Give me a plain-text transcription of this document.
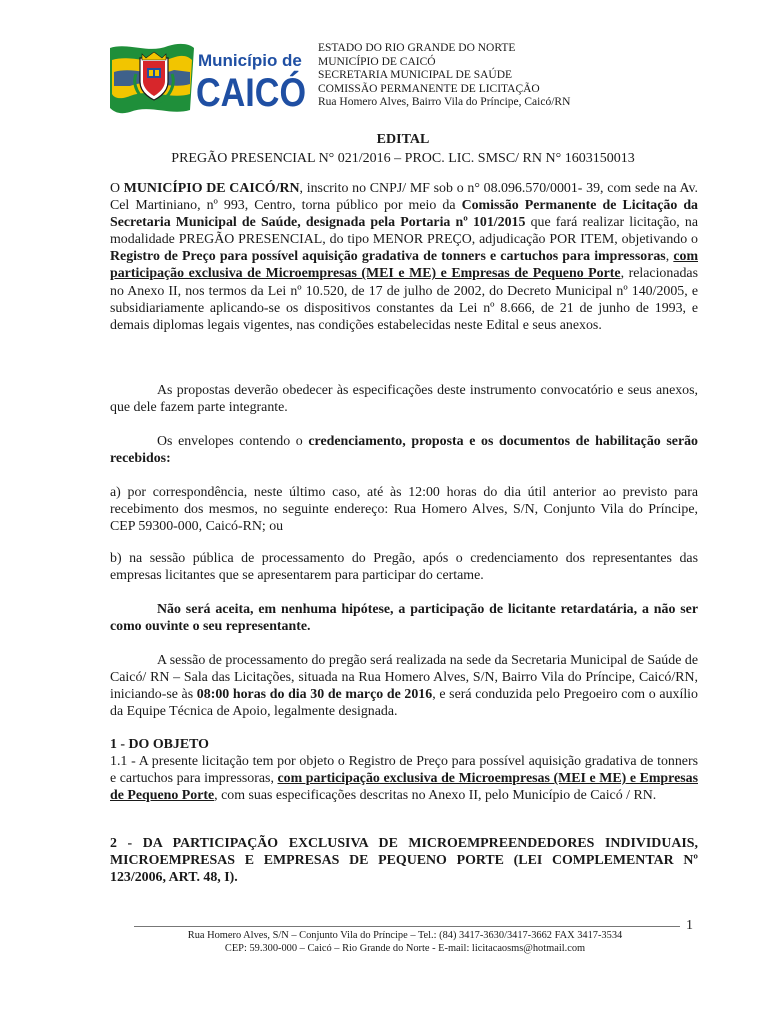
Município de
CAICÓ
ESTADO DO RIO GRANDE DO NORTE
MUNICÍPIO DE CAICÓ
SECRETARIA MUNICIPAL DE SAÚDE
COMISSÃO PERMANENTE DE LICITAÇÃO
Rua Homero Alves, Bairro Vila do Príncipe, Caicó/RN
EDITAL
PREGÃO PRESENCIAL N° 021/2016 – PROC. LIC. SMSC/ RN N° 1603150013
O MUNICÍPIO DE CAICÓ/RN, inscrito no CNPJ/ MF sob o n° 08.096.570/0001- 39, com sede na Av. Cel Martiniano, nº 993, Centro, torna público por meio da Comissão Permanente de Licitação da Secretaria Municipal de Saúde, designada pela Portaria nº 101/2015 que fará realizar licitação, na modalidade PREGÃO PRESENCIAL, do tipo MENOR PREÇO, adjudicação POR ITEM, objetivando o Registro de Preço para possível aquisição gradativa de tonners e cartuchos para impressoras, com participação exclusiva de Microempresas (MEI e ME) e Empresas de Pequeno Porte, relacionadas no Anexo II, nos termos da Lei nº 10.520, de 17 de julho de 2002, do Decreto Municipal nº 140/2005, e subsidiariamente aplicando-se os dispositivos constantes da Lei nº 8.666, de 21 de junho de 1993, e demais diplomas legais vigentes, nas condições estabelecidas neste Edital e seus anexos.
As propostas deverão obedecer às especificações deste instrumento convocatório e seus anexos, que dele fazem parte integrante.
Os envelopes contendo o credenciamento, proposta e os documentos de habilitação serão recebidos:
a) por correspondência, neste último caso, até às 12:00 horas do dia útil anterior ao previsto para recebimento dos mesmos, no seguinte endereço: Rua Homero Alves, S/N, Conjunto Vila do Príncipe, CEP 59300-000, Caicó-RN; ou
b) na sessão pública de processamento do Pregão, após o credenciamento dos representantes das empresas licitantes que se apresentarem para participar do certame.
Não será aceita, em nenhuma hipótese, a participação de licitante retardatária, a não ser como ouvinte o seu representante.
A sessão de processamento do pregão será realizada na sede da Secretaria Municipal de Saúde de Caicó/ RN – Sala das Licitações, situada na Rua Homero Alves, S/N, Bairro Vila do Príncipe, Caicó/RN, iniciando-se às 08:00 horas do dia 30 de março de 2016, e será conduzida pelo Pregoeiro com o auxílio da Equipe Técnica de Apoio, legalmente designada.
1 - DO OBJETO
1.1 - A presente licitação tem por objeto o Registro de Preço para possível aquisição gradativa de tonners e cartuchos para impressoras, com participação exclusiva de Microempresas (MEI e ME) e Empresas de Pequeno Porte, com suas especificações descritas no Anexo II, pelo Município de Caicó / RN.
2 - DA PARTICIPAÇÃO EXCLUSIVA DE MICROEMPREENDEDORES INDIVIDUAIS, MICROEMPRESAS E EMPRESAS DE PEQUENO PORTE (LEI COMPLEMENTAR Nº 123/2006, ART. 48, I).
1
Rua Homero Alves, S/N – Conjunto Vila do Príncipe – Tel.: (84) 3417-3630/3417-3662 FAX 3417-3534
CEP: 59.300-000 – Caicó – Rio Grande do Norte - E-mail: licitacaosms@hotmail.com
